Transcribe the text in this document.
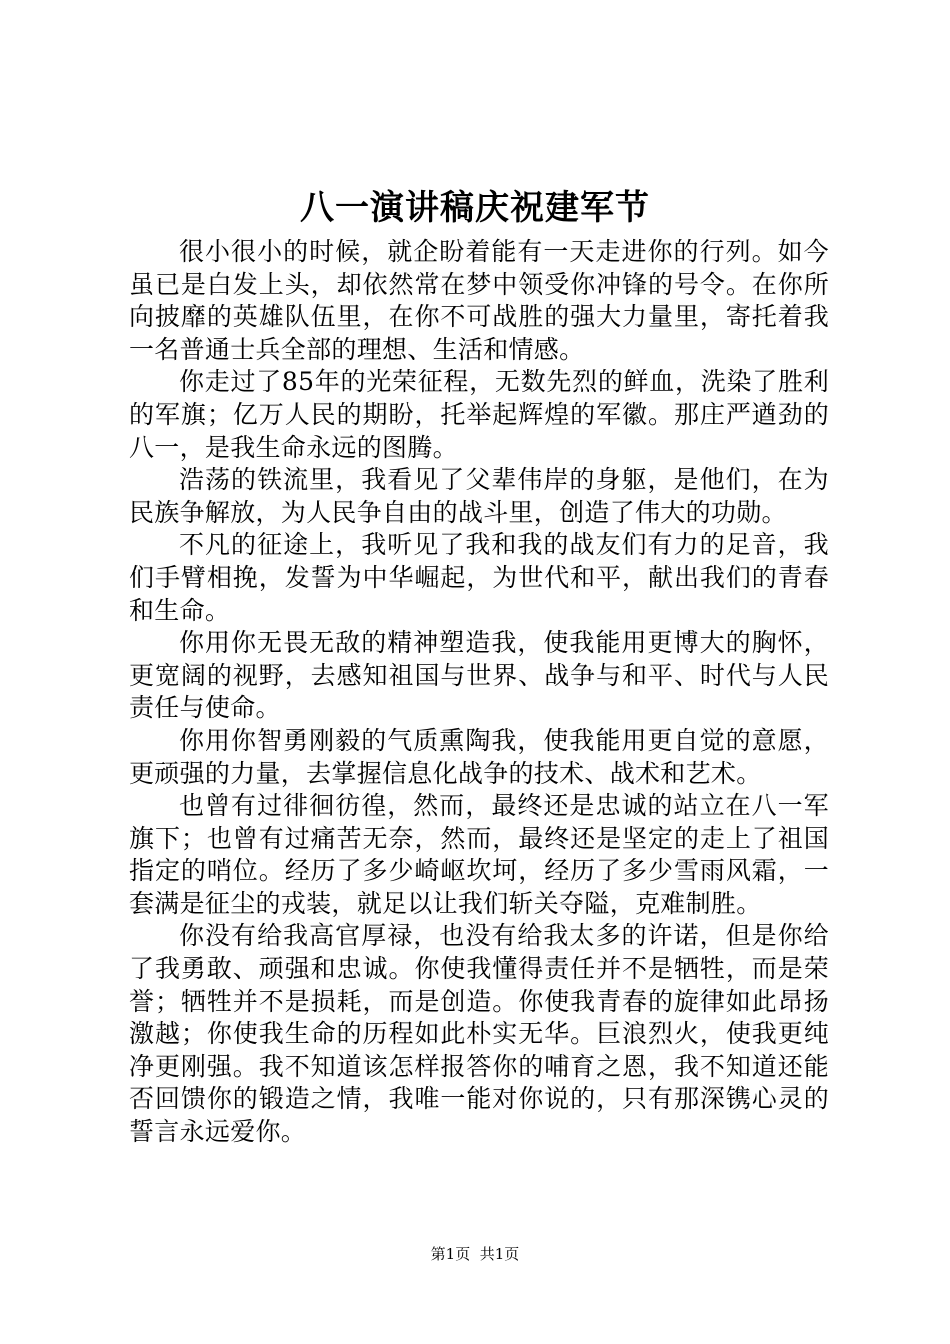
八一演讲稿庆祝建军节

很小很小的时候，就企盼着能有一天走进你的行列。如今虽已是白发上头，却依然常在梦中领受你冲锋的号令。在你所向披靡的英雄队伍里，在你不可战胜的强大力量里，寄托着我一名普通士兵全部的理想、生活和情感。

你走过了85年的光荣征程，无数先烈的鲜血，洗染了胜利的军旗；亿万人民的期盼，托举起辉煌的军徽。那庄严遒劲的八一，是我生命永远的图腾。

浩荡的铁流里，我看见了父辈伟岸的身躯，是他们，在为民族争解放，为人民争自由的战斗里，创造了伟大的功勋。

不凡的征途上，我听见了我和我的战友们有力的足音，我们手臂相挽，发誓为中华崛起，为世代和平，献出我们的青春和生命。

你用你无畏无敌的精神塑造我，使我能用更博大的胸怀，更宽阔的视野，去感知祖国与世界、战争与和平、时代与人民责任与使命。

你用你智勇刚毅的气质熏陶我，使我能用更自觉的意愿，更顽强的力量，去掌握信息化战争的技术、战术和艺术。

也曾有过徘徊彷徨，然而，最终还是忠诚的站立在八一军旗下；也曾有过痛苦无奈，然而，最终还是坚定的走上了祖国指定的哨位。经历了多少崎岖坎坷，经历了多少雪雨风霜，一套满是征尘的戎装，就足以让我们斩关夺隘，克难制胜。

你没有给我高官厚禄，也没有给我太多的许诺，但是你给了我勇敢、顽强和忠诚。你使我懂得责任并不是牺牲，而是荣誉；牺牲并不是损耗，而是创造。你使我青春的旋律如此昂扬激越；你使我生命的历程如此朴实无华。巨浪烈火，使我更纯净更刚强。我不知道该怎样报答你的哺育之恩，我不知道还能否回馈你的锻造之情，我唯一能对你说的，只有那深镌心灵的誓言永远爱你。

第1页 共1页
